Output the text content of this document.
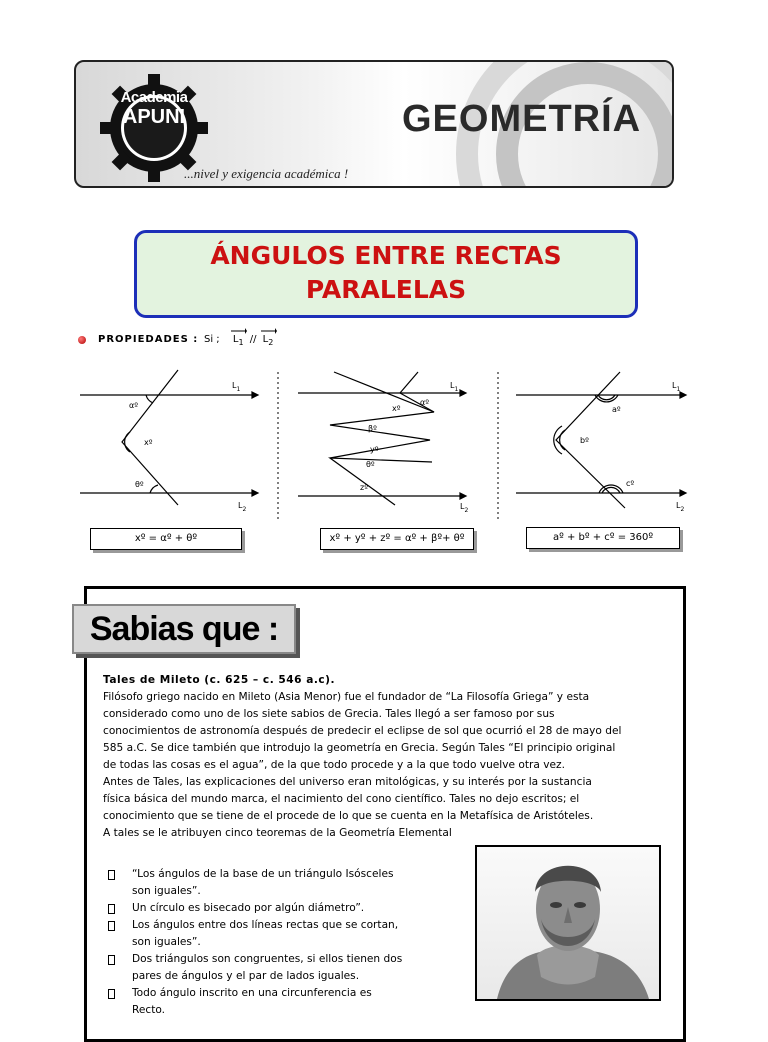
Academia
APUNI	GEOMETRÍA
...nivel y exigencia académica !
ÁNGULOS ENTRE RECTAS
PARALELAS
PROPIEDADES : Si ; $L_1 // L_2$
$L_1$
$L_2$
αº
xº
θº
$L_1$
$L_2$
αº
xº
βº
yº
θº
zº
$L_1$
$L_2$
aº
bº
cº
xº = αº + θº	xº + yº + zº = αº + βº+ θº	aº + bº + cº = 360º
Sabias que :
Tales de Mileto (c. 625 – c. 546 a.c).
Filósofo griego nacido en Mileto (Asia Menor) fue el fundador de “La Filosofía Griega” y esta
considerado como uno de los siete sabios de Grecia. Tales llegó a ser famoso por sus
conocimientos de astronomía después de predecir el eclipse de sol que ocurrió el 28 de mayo del
585 a.C. Se dice también que introdujo la geometría en Grecia. Según Tales “El principio original
de todas las cosas es el agua”, de la que todo procede y a la que todo vuelve otra vez.
Antes de Tales, las explicaciones del universo eran mitológicas, y su interés por la sustancia
física básica del mundo marca, el nacimiento del cono científico. Tales no dejo escritos; el
conocimiento que se tiene de el procede de lo que se cuenta en la Metafísica de Aristóteles.
A tales se le atribuyen cinco teoremas de la Geometría Elemental
“Los ángulos de la base de un triángulo Isósceles
son iguales”.
Un círculo es bisecado por algún diámetro”.
Los ángulos entre dos líneas rectas que se cortan,
son iguales”.
Dos triángulos son congruentes, si ellos tienen dos
pares de ángulos y el par de lados iguales.
Todo ángulo inscrito en una circunferencia es
Recto.
